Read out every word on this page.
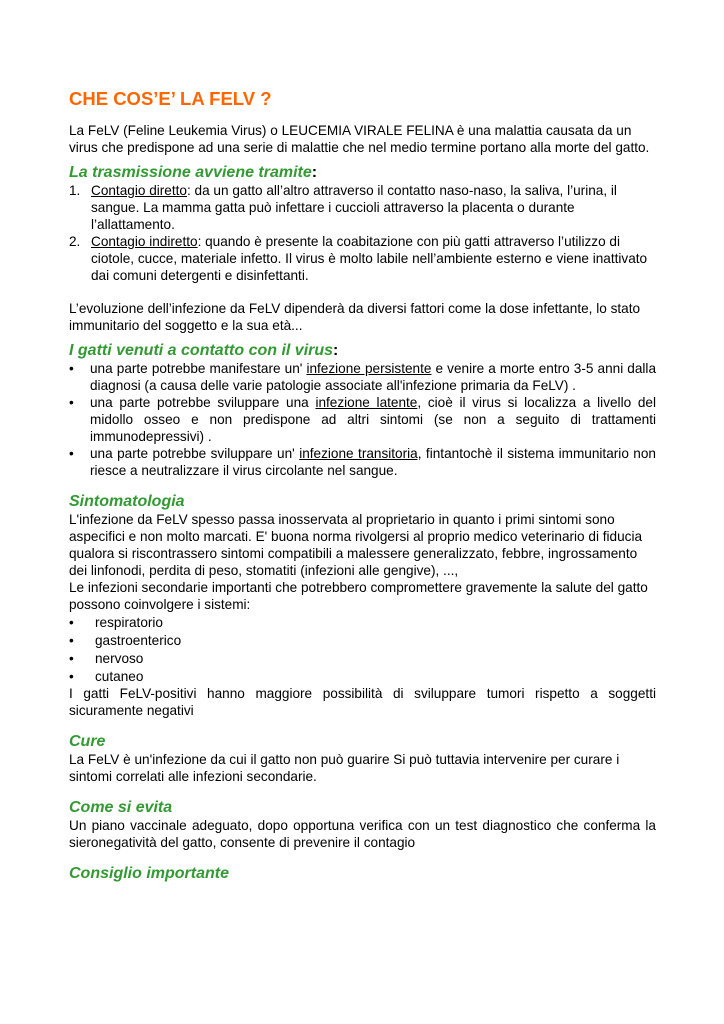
CHE COS’E’ LA FELV ?

La FeLV (Feline Leukemia Virus) o LEUCEMIA VIRALE FELINA è una malattia causata da un virus che predispone ad una serie di malattie che nel medio termine portano alla morte del gatto.

La trasmissione avviene tramite:
1. Contagio diretto: da un gatto all’altro attraverso il contatto naso-naso, la saliva, l’urina, il sangue. La mamma gatta può infettare i cuccioli attraverso la placenta o durante l’allattamento.
2. Contagio indiretto: quando è presente la coabitazione con più gatti attraverso l’utilizzo di ciotole, cucce, materiale infetto. Il virus è molto labile nell’ambiente esterno e viene inattivato dai comuni detergenti e disinfettanti.

L’evoluzione dell’infezione da FeLV dipenderà da diversi fattori come la dose infettante, lo stato immunitario del soggetto e la sua età...

I gatti venuti a contatto con il virus:
•	una parte potrebbe manifestare un' infezione persistente e venire a morte entro 3-5 anni dalla diagnosi (a causa delle varie patologie associate all'infezione primaria da FeLV) .
•	una parte potrebbe sviluppare una infezione latente, cioè il virus si localizza a livello del midollo osseo e non predispone ad altri sintomi (se non a seguito di trattamenti immunodepressivi) .
•	una parte potrebbe sviluppare un' infezione transitoria, fintantochè il sistema immunitario non riesce a neutralizzare il virus circolante nel sangue.
Sintomatologia

L'infezione da FeLV spesso passa inosservata al proprietario in quanto i primi sintomi sono aspecifici e non molto marcati. E' buona norma rivolgersi al proprio medico veterinario di fiducia qualora si riscontrassero sintomi compatibili a malessere generalizzato, febbre, ingrossamento dei linfonodi, perdita di peso, stomatiti (infezioni alle gengive), ...,

Le infezioni secondarie importanti che potrebbero compromettere gravemente la salute del gatto possono coinvolgere i sistemi:

•	respiratorio
•	gastroenterico
•	nervoso
•	cutaneo

I gatti FeLV-positivi hanno maggiore possibilità di sviluppare tumori rispetto a soggetti sicuramente negativi

Cure

La FeLV è un'infezione da cui il gatto non può guarire Si può tuttavia intervenire per curare i sintomi correlati alle infezioni secondarie.

Come si evita

Un piano vaccinale adeguato, dopo opportuna verifica con un test diagnostico che conferma la sieronegatività del gatto, consente di prevenire il contagio

Consiglio importante
